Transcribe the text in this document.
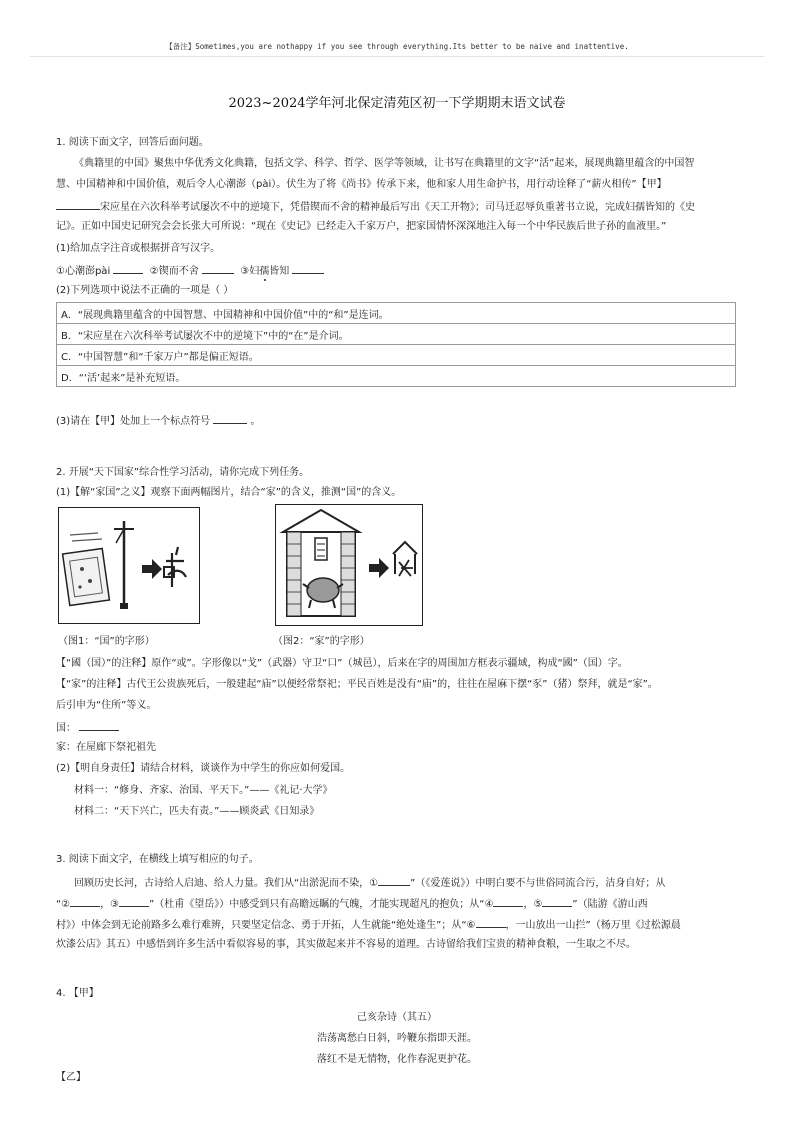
【备注】Sometimes,you are nothappy if you see through everything.Its better to be naive and inattentive.
2023~2024学年河北保定清苑区初一下学期期末语文试卷
1. 阅读下面文字，回答后面问题。
《典籍里的中国》聚焦中华优秀文化典籍，包括文学、科学、哲学、医学等领域，让书写在典籍里的文字“活”起来，展现典籍里蕴含的中国智
慧、中国精神和中国价值，观后令人心潮澎（pài）。伏生为了将《尚书》传承下来，他和家人用生命护书，用行动诠释了“薪火相传”【甲】
宋应星在六次科举考试屡次不中的逆境下，凭借锲而不舍的精神最后写出《天工开物》；司马迁忍辱负重著书立说，完成妇孺皆知的《史
记》。正如中国史记研究会会长张大可所说：“现在《史记》已经走入千家万户，把家国情怀深深地注入每一个中华民族后世子孙的血液里。”
(1)给加点字注音或根据拼音写汉字。
①心潮澎pài	②锲而不舍	③妇孺皆知
(2)下列选项中说法不正确的一项是（ ）
A．“展现典籍里蕴含的中国智慧、中国精神和中国价值”中的“和”是连词。
B．“宋应星在六次科举考试屡次不中的逆境下”中的“在”是介词。
C．“中国智慧”和“千家万户”都是偏正短语。
D．“‘活’起来”是补充短语。
(3)请在【甲】处加上一个标点符号	。
2. 开展“天下国家”综合性学习活动，请你完成下列任务。
(1)【解“家国”之义】观察下面两幅图片，结合“家”的含义，推测“国”的含义。
（图1：“国”的字形）	（图2：“家”的字形）
【“國（国）”的注释】原作“或”。字形像以“戈”（武器）守卫“口”（城邑），后来在字的周围加方框表示疆域，构成“國”（国）字。
【“家”的注释】古代王公贵族死后，一般建起“庙”以便经常祭祀；平民百姓是没有“庙”的，往往在屋麻下摆“豕”（猪）祭拜，就是“家”。
后引申为“住所”等义。
国：
家：在屋廊下祭祀祖先
(2)【明自身责任】请结合材料，谈谈作为中学生的你应如何爱国。
材料一：“修身、齐家、治国、平天下。”——《礼记·大学》
材料二：“天下兴亡，匹夫有责。”——顾炎武《日知录》
3. 阅读下面文字，在横线上填写相应的句子。
回顾历史长河，古诗给人启迪、给人力量。我们从“出淤泥而不染，①	”（《爱莲说》）中明白要不与世俗同流合污，洁身自好；从
“②	，③	”（杜甫《望岳》）中感受到只有高瞻远瞩的气魄，才能实现超凡的抱负；从“④	，⑤	”（陆游《游山西
村》）中体会到无论前路多么难行难辨，只要坚定信念、勇于开拓，人生就能“绝处逢生”；从“⑥	，一山放出一山拦”（杨万里《过松源晨
炊漆公店》其五）中感悟到许多生活中看似容易的事，其实做起来并不容易的道理。古诗留给我们宝贵的精神食粮，一生取之不尽。
4. 【甲】
己亥杂诗（其五）
浩荡离愁白日斜，吟鞭东指即天涯。
落红不是无情物，化作春泥更护花。
【乙】
